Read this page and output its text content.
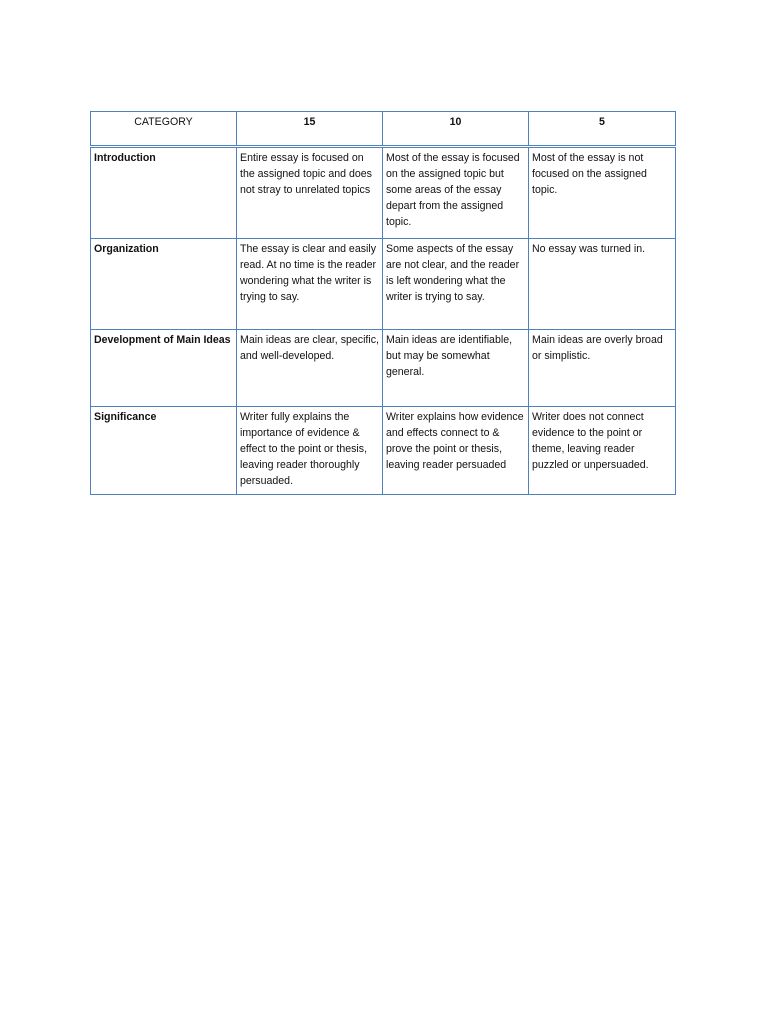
CATEGORY	15	10	5
Introduction	Entire essay is focused on the assigned topic and does not stray to unrelated topics	Most of the essay is focused on the assigned topic but some areas of the essay depart from the assigned topic.	Most of the essay is not focused on the assigned topic.
Organization	The essay is clear and easily read. At no time is the reader wondering what the writer is trying to say.	Some aspects of the essay are not clear, and the reader is left wondering what the writer is trying to say.	No essay was turned in.
Development of Main Ideas	Main ideas are clear, specific, and well-developed.	Main ideas are identifiable, but may be somewhat general.	Main ideas are overly broad or simplistic.
Significance	Writer fully explains the importance of evidence & effect to the point or thesis, leaving reader thoroughly persuaded.	Writer explains how evidence and effects connect to & prove the point or thesis, leaving reader persuaded	Writer does not connect evidence to the point or theme, leaving reader puzzled or unpersuaded.
